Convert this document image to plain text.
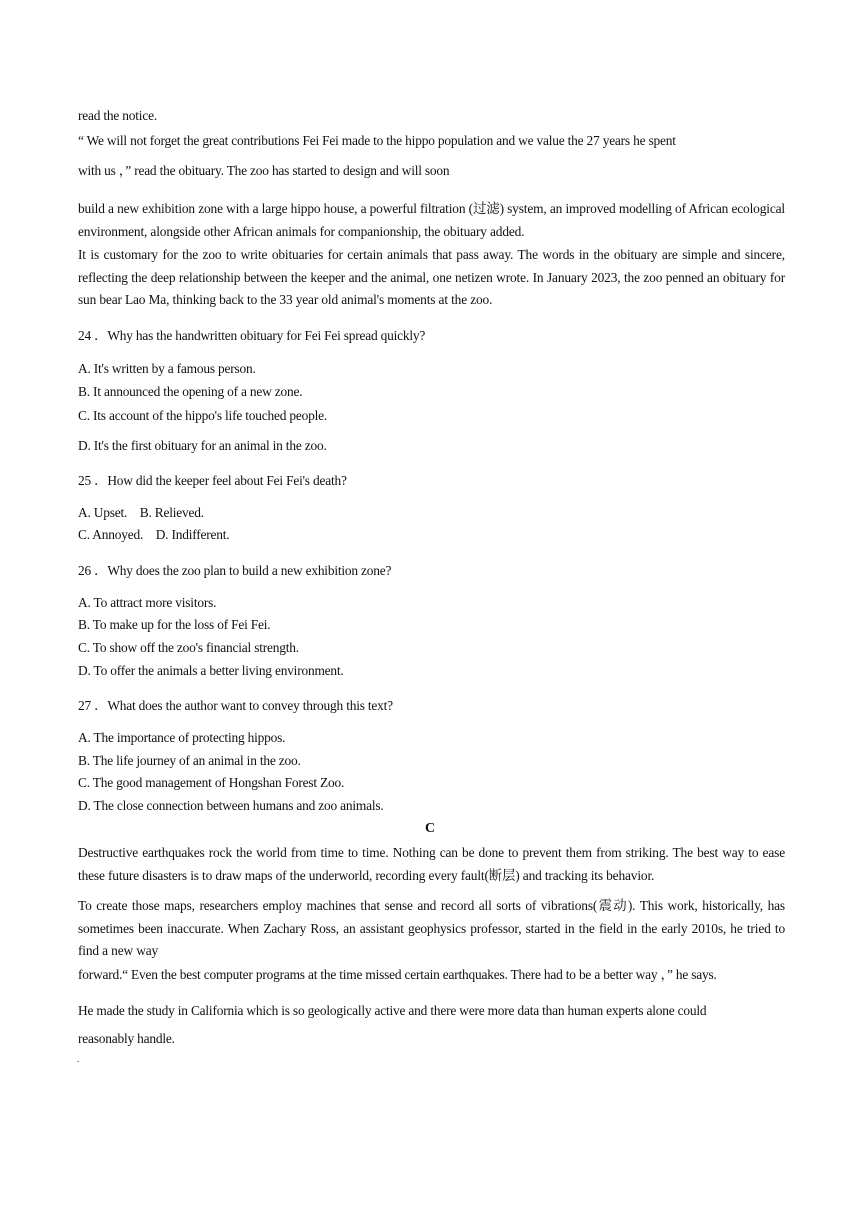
read the notice.
“ We will not forget the great contributions Fei Fei made to the hippo population and we value the 27 years he spent
with us ，” read the obituary. The zoo has started to design and will soon
build a new exhibition zone with a large hippo house, a powerful filtration (过滤) system, an improved modelling of African ecological environment, alongside other African animals for companionship, the obituary added.
It is customary for the zoo to write obituaries for certain animals that pass away. The words in the obituary are simple and sincere, reflecting the deep relationship between the keeper and the animal, one netizen wrote. In January 2023, the zoo penned an obituary for sun bear Lao Ma, thinking back to the 33 year old animal's moments at the zoo.
24 ．Why has the handwritten obituary for Fei Fei spread quickly?
A. It's written by a famous person.
B. It announced the opening of a new zone.
C. Its account of the hippo's life touched people.
D. It's the first obituary for an animal in the zoo.
25 ．How did the keeper feel about Fei Fei's death?
A. Upset.    B. Relieved.
C. Annoyed.    D. Indifferent.
26 ．Why does the zoo plan to build a new exhibition zone?
A. To attract more visitors.
B. To make up for the loss of Fei Fei.
C. To show off the zoo's financial strength.
D. To offer the animals a better living environment.
27 ．What does the author want to convey through this text?
A. The importance of protecting hippos.
B. The life journey of an animal in the zoo.
C. The good management of Hongshan Forest Zoo.
D. The close connection between humans and zoo animals.
C
Destructive earthquakes rock the world from time to time. Nothing can be done to prevent them from striking. The best way to ease these future disasters is to draw maps of the underworld, recording every fault(断层) and tracking its behavior.
To create those maps, researchers employ machines that sense and record all sorts of vibrations(震动). This work, historically, has sometimes been inaccurate. When Zachary Ross, an assistant geophysics professor, started in the field in the early 2010s, he tried to find a new way
forward.“ Even the best computer programs at the time missed certain earthquakes. There had to be a better way ，” he says.
He made the study in California which is so geologically active and there were more data than human experts alone could
reasonably handle.
.
